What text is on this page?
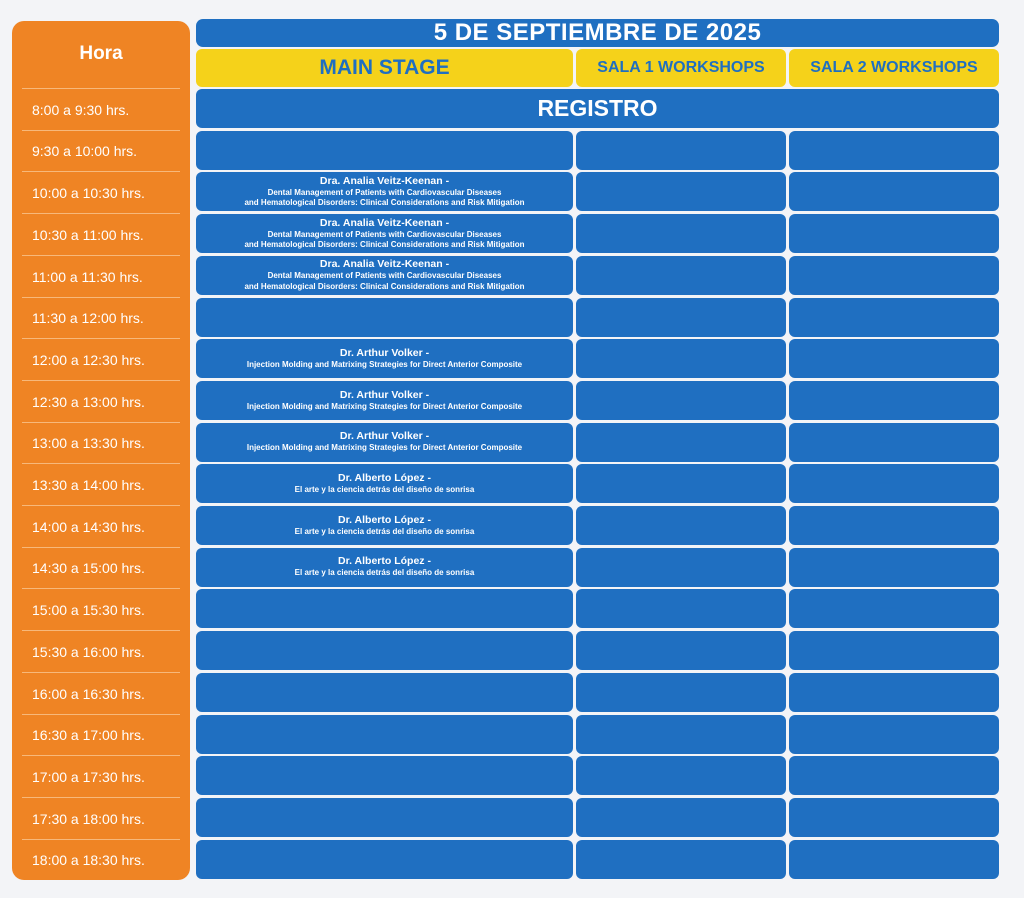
Hora
8:00 a 9:30 hrs.
9:30 a 10:00 hrs.
10:00 a 10:30 hrs.
10:30 a 11:00 hrs.
11:00 a 11:30 hrs.
11:30 a 12:00 hrs.
12:00 a 12:30 hrs.
12:30 a 13:00 hrs.
13:00 a 13:30 hrs.
13:30 a 14:00 hrs.
14:00 a 14:30 hrs.
14:30 a 15:00 hrs.
15:00 a 15:30 hrs.
15:30 a 16:00 hrs.
16:00 a 16:30 hrs.
16:30 a 17:00 hrs.
17:00 a 17:30 hrs.
17:30 a 18:00 hrs.
18:00 a 18:30 hrs.
5 DE SEPTIEMBRE DE 2025
MAIN STAGE	SALA 1 WORKSHOPS	SALA 2 WORKSHOPS
REGISTRO
Dra. Analia Veitz-Keenan -
Dental Management of Patients with Cardiovascular Diseases
and Hematological Disorders: Clinical Considerations and Risk Mitigation
Dra. Analia Veitz-Keenan -
Dental Management of Patients with Cardiovascular Diseases
and Hematological Disorders: Clinical Considerations and Risk Mitigation
Dra. Analia Veitz-Keenan -
Dental Management of Patients with Cardiovascular Diseases
and Hematological Disorders: Clinical Considerations and Risk Mitigation
Dr. Arthur Volker -
Injection Molding and Matrixing Strategies for Direct Anterior Composite
Dr. Arthur Volker -
Injection Molding and Matrixing Strategies for Direct Anterior Composite
Dr. Arthur Volker -
Injection Molding and Matrixing Strategies for Direct Anterior Composite
Dr. Alberto López -
El arte y la ciencia detrás del diseño de sonrisa
Dr. Alberto López -
El arte y la ciencia detrás del diseño de sonrisa
Dr. Alberto López -
El arte y la ciencia detrás del diseño de sonrisa
